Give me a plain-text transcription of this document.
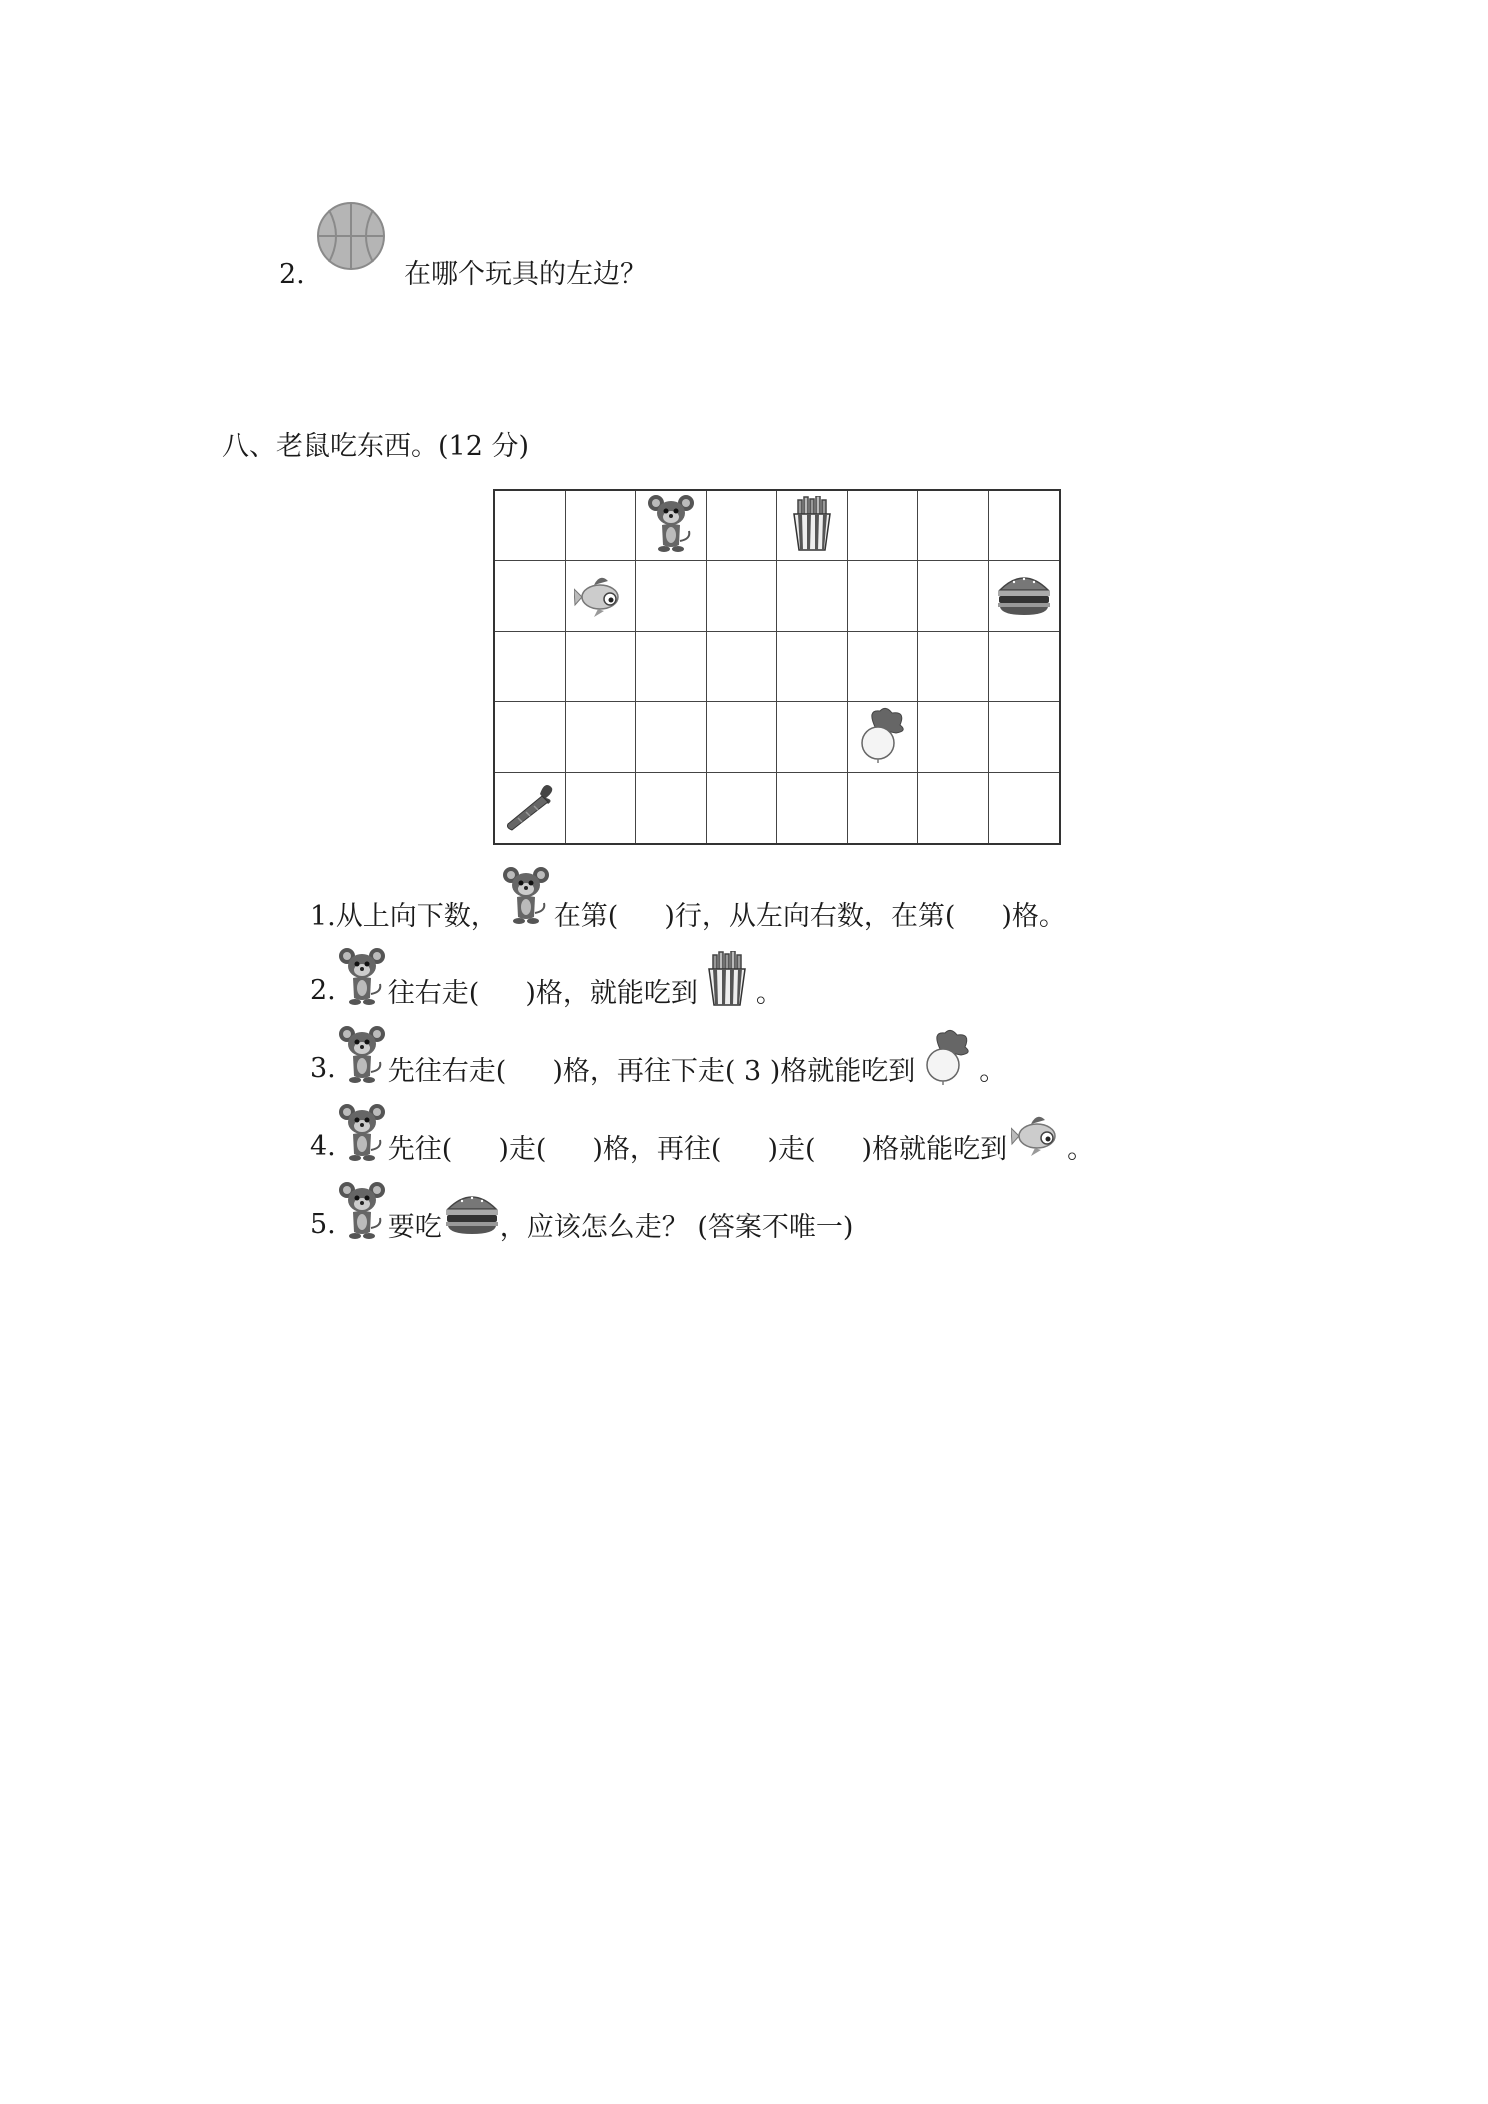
2.	在哪个玩具的左边？
八、老鼠吃东西。(12 分)
1.从上向下数， 在第( )行，从左向右数，在第( )格。
2. 往右走( )格，就能吃到 。
3. 先往右走( )格，再往下走( 3 )格就能吃到 。
4. 先往( )走( )格，再往( )走( )格就能吃到 。
5. 要吃 ，应该怎么走？ (答案不唯一)
